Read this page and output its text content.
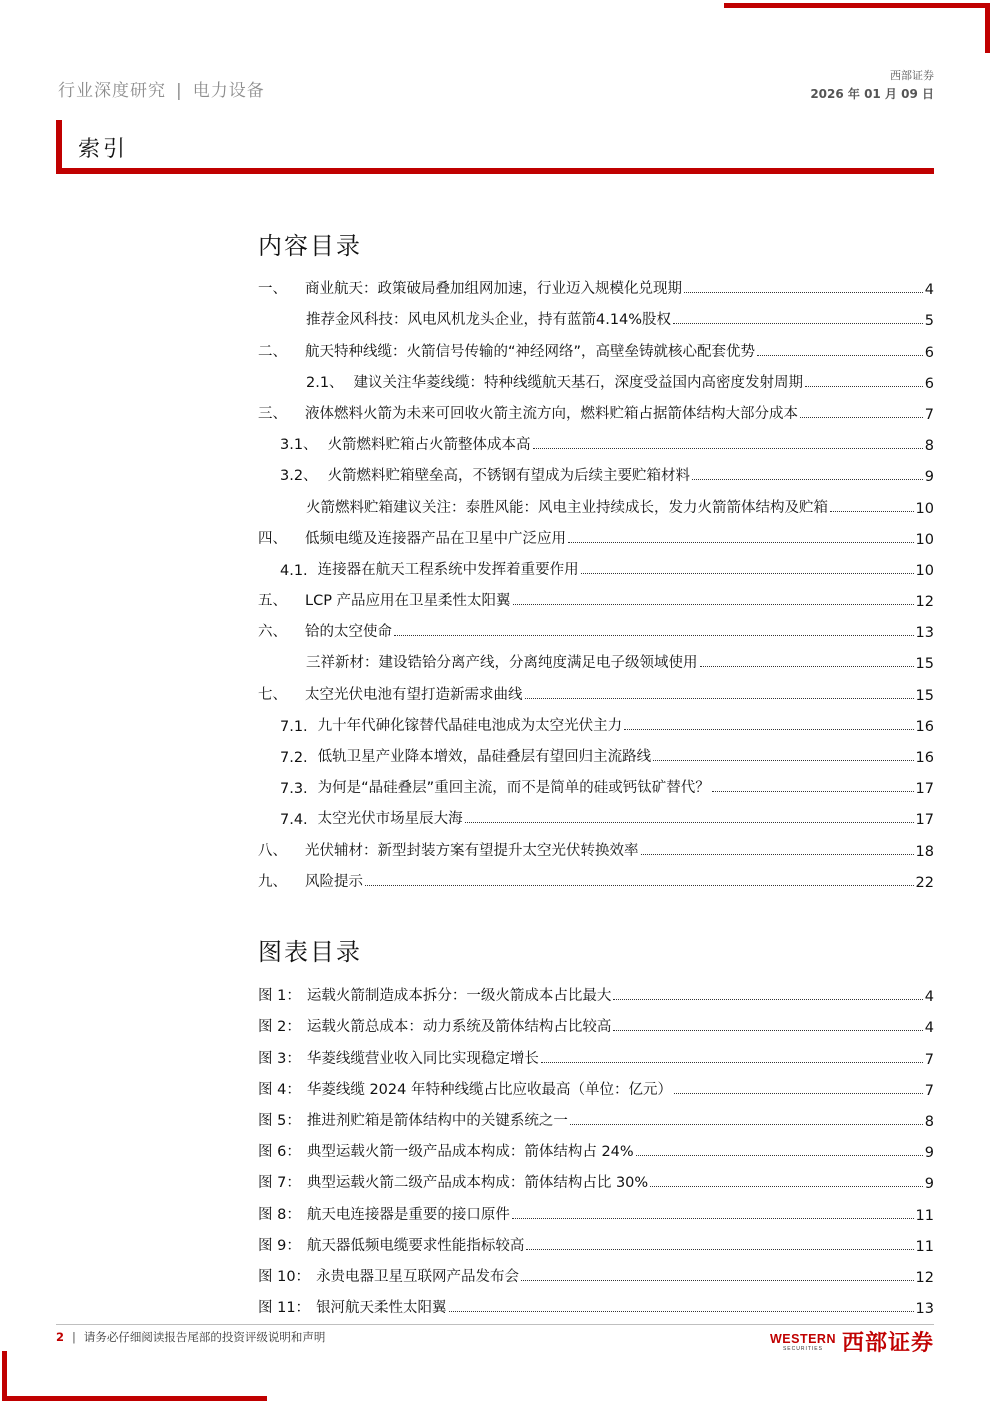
行业深度研究 | 电力设备
西部证券
2026 年 01 月 09 日
索引
内容目录
一、 商业航天：政策破局叠加组网加速，行业迈入规模化兑现期	4
推荐金风科技：风电风机龙头企业，持有蓝箭4.14%股权	5
二、 航天特种线缆：火箭信号传输的“神经网络”，高壁垒铸就核心配套优势	6
2.1、 建议关注华菱线缆：特种线缆航天基石，深度受益国内高密度发射周期	6
三、 液体燃料火箭为未来可回收火箭主流方向，燃料贮箱占据箭体结构大部分成本	7
3.1、 火箭燃料贮箱占火箭整体成本高	8
3.2、 火箭燃料贮箱壁垒高，不锈钢有望成为后续主要贮箱材料	9
火箭燃料贮箱建议关注：泰胜风能：风电主业持续成长，发力火箭箭体结构及贮箱	10
四、 低频电缆及连接器产品在卫星中广泛应用	10
4.1. 连接器在航天工程系统中发挥着重要作用	10
五、 LCP 产品应用在卫星柔性太阳翼	12
六、 铪的太空使命	13
三祥新材：建设锆铪分离产线，分离纯度满足电子级领域使用	15
七、 太空光伏电池有望打造新需求曲线	15
7.1. 九十年代砷化镓替代晶硅电池成为太空光伏主力	16
7.2. 低轨卫星产业降本增效，晶硅叠层有望回归主流路线	16
7.3. 为何是“晶硅叠层”重回主流，而不是简单的硅或钙钛矿替代？	17
7.4. 太空光伏市场星辰大海	17
八、 光伏辅材：新型封装方案有望提升太空光伏转换效率	18
九、 风险提示	22
图表目录
图 1： 运载火箭制造成本拆分：一级火箭成本占比最大	4
图 2： 运载火箭总成本：动力系统及箭体结构占比较高	4
图 3： 华菱线缆营业收入同比实现稳定增长	7
图 4： 华菱线缆 2024 年特种线缆占比应收最高（单位：亿元）	7
图 5： 推进剂贮箱是箭体结构中的关键系统之一	8
图 6： 典型运载火箭一级产品成本构成：箭体结构占 24%	9
图 7： 典型运载火箭二级产品成本构成：箭体结构占比 30%	9
图 8： 航天电连接器是重要的接口原件	11
图 9： 航天器低频电缆要求性能指标较高	11
图 10： 永贵电器卫星互联网产品发布会	12
图 11： 银河航天柔性太阳翼	13
2 | 请务必仔细阅读报告尾部的投资评级说明和声明	WESTERN
SECURITIES 西部证券
